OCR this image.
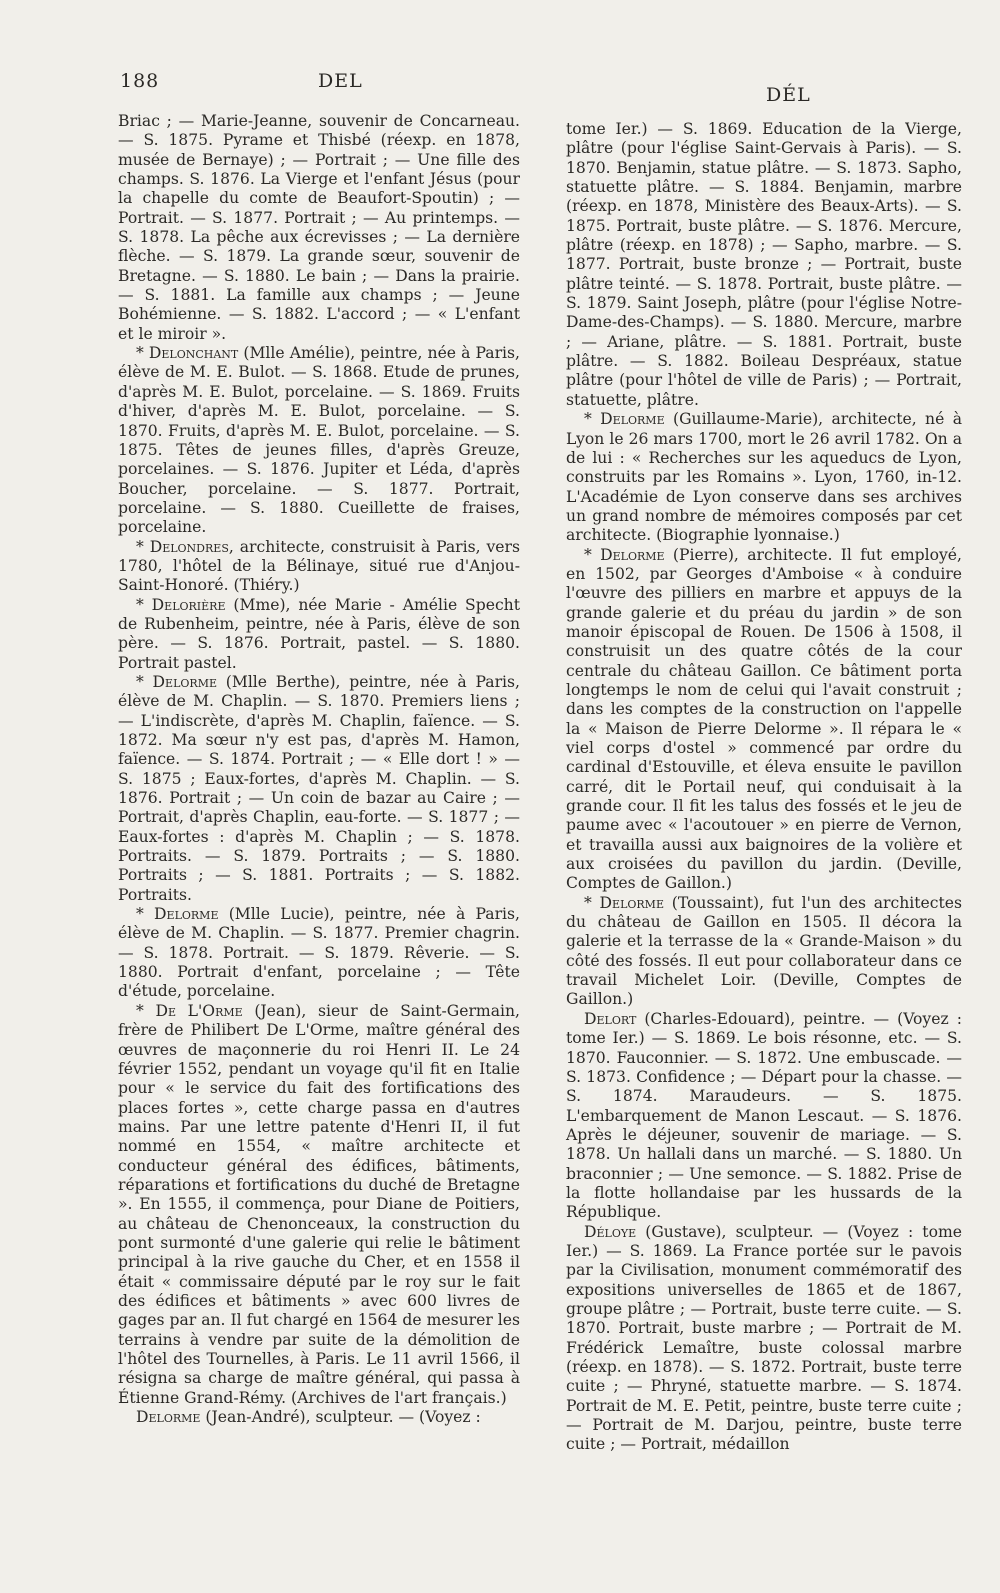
188	DEL
DÉL

Briac ; — Marie-Jeanne, souvenir de Concarneau. — S. 1875. Pyrame et Thisbé (réexp. en 1878, musée de Bernaye) ; — Portrait ; — Une fille des champs. S. 1876. La Vierge et l'enfant Jésus (pour la chapelle du comte de Beaufort-Spoutin) ; — Portrait. — S. 1877. Portrait ; — Au printemps. — S. 1878. La pêche aux écrevisses ; — La dernière flèche. — S. 1879. La grande sœur, souvenir de Bretagne. — S. 1880. Le bain ; — Dans la prairie. — S. 1881. La famille aux champs ; — Jeune Bohémienne. — S. 1882. L'accord ; — « L'enfant et le miroir ».

* Delonchant (Mlle Amélie), peintre, née à Paris, élève de M. E. Bulot. — S. 1868. Etude de prunes, d'après M. E. Bulot, porcelaine. — S. 1869. Fruits d'hiver, d'après M. E. Bulot, porcelaine. — S. 1870. Fruits, d'après M. E. Bulot, porcelaine. — S. 1875. Têtes de jeunes filles, d'après Greuze, porcelaines. — S. 1876. Jupiter et Léda, d'après Boucher, porcelaine. — S. 1877. Portrait, porcelaine. — S. 1880. Cueillette de fraises, porcelaine.

* Delondres, architecte, construisit à Paris, vers 1780, l'hôtel de la Bélinaye, situé rue d'Anjou-Saint-Honoré. (Thiéry.)

* Delorière (Mme), née Marie - Amélie Specht de Rubenheim, peintre, née à Paris, élève de son père. — S. 1876. Portrait, pastel. — S. 1880. Portrait pastel.

* Delorme (Mlle Berthe), peintre, née à Paris, élève de M. Chaplin. — S. 1870. Premiers liens ; — L'indiscrète, d'après M. Chaplin, faïence. — S. 1872. Ma sœur n'y est pas, d'après M. Hamon, faïence. — S. 1874. Portrait ; — « Elle dort ! » — S. 1875 ; Eaux-fortes, d'après M. Chaplin. — S. 1876. Portrait ; — Un coin de bazar au Caire ; — Portrait, d'après Chaplin, eau-forte. — S. 1877 ; — Eaux-fortes : d'après M. Chaplin ; — S. 1878. Portraits. — S. 1879. Portraits ; — S. 1880. Portraits ; — S. 1881. Portraits ; — S. 1882. Portraits.

* Delorme (Mlle Lucie), peintre, née à Paris, élève de M. Chaplin. — S. 1877. Premier chagrin. — S. 1878. Portrait. — S. 1879. Rêverie. — S. 1880. Portrait d'enfant, porcelaine ; — Tête d'étude, porcelaine.

* De L'Orme (Jean), sieur de Saint-Germain, frère de Philibert De L'Orme, maître général des œuvres de maçonnerie du roi Henri II. Le 24 février 1552, pendant un voyage qu'il fit en Italie pour « le service du fait des fortifications des places fortes », cette charge passa en d'autres mains. Par une lettre patente d'Henri II, il fut nommé en 1554, « maître architecte et conducteur général des édifices, bâtiments, réparations et fortifications du duché de Bretagne ». En 1555, il commença, pour Diane de Poitiers, au château de Chenonceaux, la construction du pont surmonté d'une galerie qui relie le bâtiment principal à la rive gauche du Cher, et en 1558 il était « commissaire député par le roy sur le fait des édifices et bâtiments » avec 600 livres de gages par an. Il fut chargé en 1564 de mesurer les terrains à vendre par suite de la démolition de l'hôtel des Tournelles, à Paris. Le 11 avril 1566, il résigna sa charge de maître général, qui passa à Étienne Grand-Rémy. (Archives de l'art français.)

Delorme (Jean-André), sculpteur. — (Voyez :

tome Ier.) — S. 1869. Education de la Vierge, plâtre (pour l'église Saint-Gervais à Paris). — S. 1870. Benjamin, statue plâtre. — S. 1873. Sapho, statuette plâtre. — S. 1884. Benjamin, marbre (réexp. en 1878, Ministère des Beaux-Arts). — S. 1875. Portrait, buste plâtre. — S. 1876. Mercure, plâtre (réexp. en 1878) ; — Sapho, marbre. — S. 1877. Portrait, buste bronze ; — Portrait, buste plâtre teinté. — S. 1878. Portrait, buste plâtre. — S. 1879. Saint Joseph, plâtre (pour l'église Notre-Dame-des-Champs). — S. 1880. Mercure, marbre ; — Ariane, plâtre. — S. 1881. Portrait, buste plâtre. — S. 1882. Boileau Despréaux, statue plâtre (pour l'hôtel de ville de Paris) ; — Portrait, statuette, plâtre.

* Delorme (Guillaume-Marie), architecte, né à Lyon le 26 mars 1700, mort le 26 avril 1782. On a de lui : « Recherches sur les aqueducs de Lyon, construits par les Romains ». Lyon, 1760, in-12. L'Académie de Lyon conserve dans ses archives un grand nombre de mémoires composés par cet architecte. (Biographie lyonnaise.)

* Delorme (Pierre), architecte. Il fut employé, en 1502, par Georges d'Amboise « à conduire l'œuvre des pilliers en marbre et appuys de la grande galerie et du préau du jardin » de son manoir épiscopal de Rouen. De 1506 à 1508, il construisit un des quatre côtés de la cour centrale du château Gaillon. Ce bâtiment porta longtemps le nom de celui qui l'avait construit ; dans les comptes de la construction on l'appelle la « Maison de Pierre Delorme ». Il répara le « viel corps d'ostel » commencé par ordre du cardinal d'Estouville, et éleva ensuite le pavillon carré, dit le Portail neuf, qui conduisait à la grande cour. Il fit les talus des fossés et le jeu de paume avec « l'acoutouer » en pierre de Vernon, et travailla aussi aux baignoires de la volière et aux croisées du pavillon du jardin. (Deville, Comptes de Gaillon.)

* Delorme (Toussaint), fut l'un des architectes du château de Gaillon en 1505. Il décora la galerie et la terrasse de la « Grande-Maison » du côté des fossés. Il eut pour collaborateur dans ce travail Michelet Loir. (Deville, Comptes de Gaillon.)

Delort (Charles-Edouard), peintre. — (Voyez : tome Ier.) — S. 1869. Le bois résonne, etc. — S. 1870. Fauconnier. — S. 1872. Une embuscade. — S. 1873. Confidence ; — Départ pour la chasse. — S. 1874. Maraudeurs. — S. 1875. L'embarquement de Manon Lescaut. — S. 1876. Après le déjeuner, souvenir de mariage. — S. 1878. Un hallali dans un marché. — S. 1880. Un braconnier ; — Une semonce. — S. 1882. Prise de la flotte hollandaise par les hussards de la République.

Déloye (Gustave), sculpteur. — (Voyez : tome Ier.) — S. 1869. La France portée sur le pavois par la Civilisation, monument commémoratif des expositions universelles de 1865 et de 1867, groupe plâtre ; — Portrait, buste terre cuite. — S. 1870. Portrait, buste marbre ; — Portrait de M. Frédérick Lemaître, buste colossal marbre (réexp. en 1878). — S. 1872. Portrait, buste terre cuite ; — Phryné, statuette marbre. — S. 1874. Portrait de M. E. Petit, peintre, buste terre cuite ; — Portrait de M. Darjou, peintre, buste terre cuite ; — Portrait, médaillon
